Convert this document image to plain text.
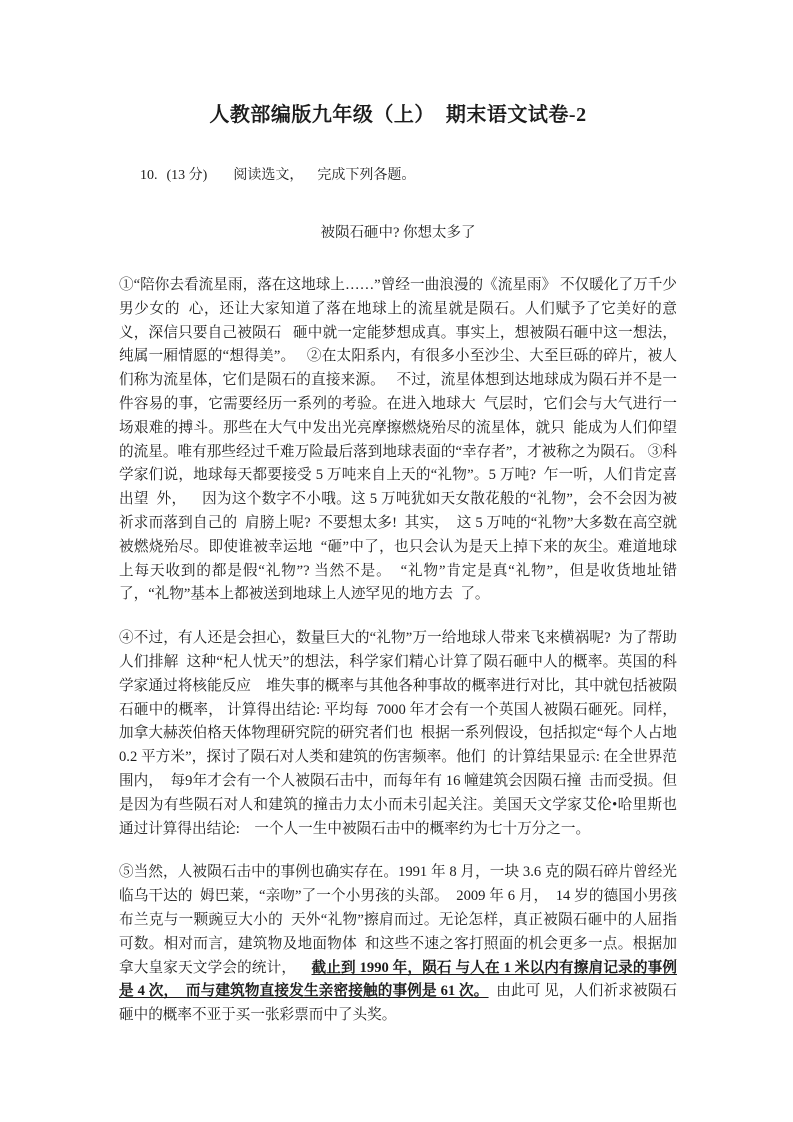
人教部编版九年级（上）  期末语文试卷-2

10. (13 分) 阅读选文，    完成下列各题。

被陨石砸中? 你想太多了

①“陪你去看流星雨，落在这地球上……”曾经一曲浪漫的《流星雨》 不仅暖化了万千少男少女的  心，还让大家知道了落在地球上的流星就是陨石。人们赋予了它美好的意 义，深信只要自己被陨石   砸中就一定能梦想成真。事实上，想被陨石砸中这一想法，纯属一厢情愿的“想得美”。   ②在太阳系内，有很多小至沙尘、大至巨砾的碎片，被人们称为流星体，它们是陨石的直接来源。   不过，流星体想到达地球成为陨石并不是一件容易的事，它需要经历一系列的考验。在进入地球大  气层时，它们会与大气进行一场艰难的搏斗。那些在大气中发出光亮摩擦燃烧殆尽的流星体，就只  能成为人们仰望的流星。唯有那些经过千难万险最后落到地球表面的“幸存者”，才被称之为陨石。 ③科学家们说，地球每天都要接受 5 万吨来自上天的“礼物”。5 万吨?  乍一听，人们肯定喜出望  外，    因为这个数字不小哦。这 5 万吨犹如天女散花般的“礼物”，会不会因为被祈求而落到自己的  肩膀上呢?  不要想太多!  其实，  这 5 万吨的“礼物”大多数在高空就被燃烧殆尽。即使谁被幸运地  “砸”中了，也只会认为是天上掉下来的灰尘。难道地球上每天收到的都是假“礼物”? 当然不是。  “礼物”肯定是真“礼物”，但是收货地址错了，“礼物”基本上都被送到地球上人迹罕见的地方去  了。

④不过，有人还是会担心，数量巨大的“礼物”万一给地球人带来飞来横祸呢?  为了帮助人们排解  这种“杞人忧天”的想法，科学家们精心计算了陨石砸中人的概率。英国的科学家通过将核能反应    堆失事的概率与其他各种事故的概率进行对比，其中就包括被陨石砸中的概率， 计算得出结论: 平均每  7000 年才会有一个英国人被陨石砸死。同样，加拿大赫茨伯格天体物理研究院的研究者们也  根据一系列假设，包括拟定“每个人占地 0.2 平方米”，探讨了陨石对人类和建筑的伤害频率。他们  的计算结果显示: 在全世界范围内，  每9年才会有一个人被陨石击中，而每年有 16 幢建筑会因陨石撞  击而受损。但是因为有些陨石对人和建筑的撞击力太小而未引起关注。美国天文学家艾伦•哈里斯也通过计算得出结论:    一个人一生中被陨石击中的概率约为七十万分之一。

⑤当然，人被陨石击中的事例也确实存在。1991 年 8 月，一块 3.6 克的陨石碎片曾经光临乌干达的  姆巴莱，“亲吻”了一个小男孩的头部。  2009 年 6 月，  14 岁的德国小男孩布兰克与一颗豌豆大小的  天外“礼物”擦肩而过。无论怎样，真正被陨石砸中的人屈指可数。相对而言，建筑物及地面物体  和这些不速之客打照面的机会更多一点。根据加拿大皇家天文学会的统计，    截止到 1990 年，陨石 与人在 1 米以内有擦肩记录的事例是 4 次，  而与建筑物直接发生亲密接触的事例是 61 次。  由此可 见，人们祈求被陨石砸中的概率不亚于买一张彩票而中了头奖。
